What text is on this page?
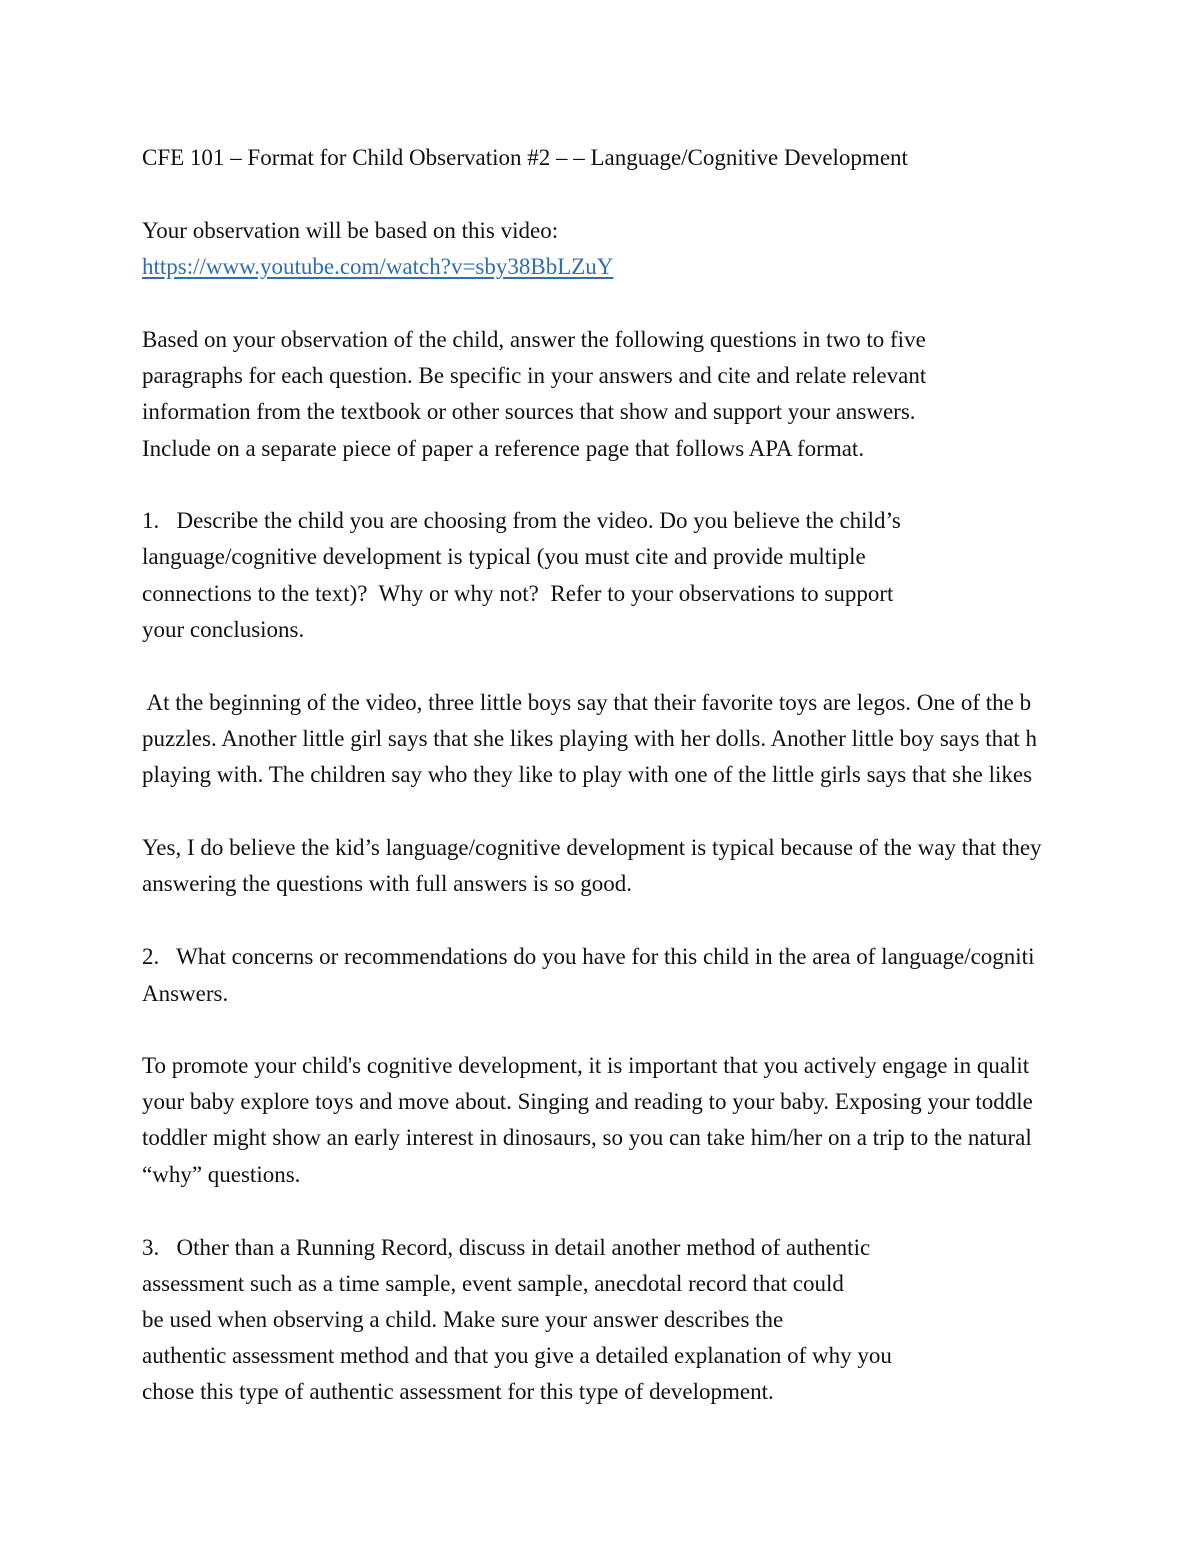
CFE 101 – Format for Child Observation #2 – – Language/Cognitive Development
Your observation will be based on this video:
https://www.youtube.com/watch?v=sby38BbLZuY
Based on your observation of the child, answer the following questions in two to five
paragraphs for each question. Be specific in your answers and cite and relate relevant
information from the textbook or other sources that show and support your answers.
Include on a separate piece of paper a reference page that follows APA format.
1.   Describe the child you are choosing from the video. Do you believe the child’s
language/cognitive development is typical (you must cite and provide multiple
connections to the text)?  Why or why not?  Refer to your observations to support
your conclusions.
At the beginning of the video, three little boys say that their favorite toys are legos. One of the b
puzzles. Another little girl says that she likes playing with her dolls. Another little boy says that h
playing with. The children say who they like to play with one of the little girls says that she likes
Yes, I do believe the kid’s language/cognitive development is typical because of the way that they
answering the questions with full answers is so good.
2.   What concerns or recommendations do you have for this child in the area of language/cogniti
Answers.
To promote your child's cognitive development, it is important that you actively engage in qualit
your baby explore toys and move about. Singing and reading to your baby. Exposing your toddle
toddler might show an early interest in dinosaurs, so you can take him/her on a trip to the natural
“why” questions.
3.   Other than a Running Record, discuss in detail another method of authentic
assessment such as a time sample, event sample, anecdotal record that could
be used when observing a child. Make sure your answer describes the
authentic assessment method and that you give a detailed explanation of why you
chose this type of authentic assessment for this type of development.
